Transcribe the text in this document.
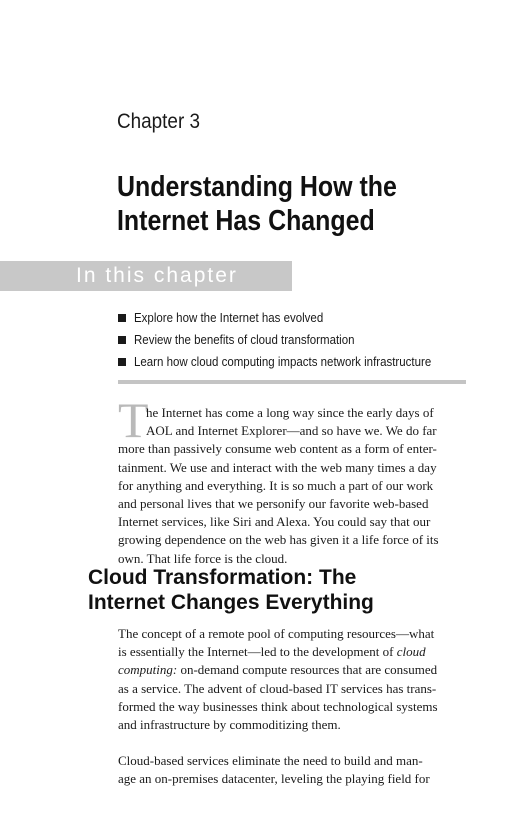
Chapter 3
Understanding How the
Internet Has Changed
In this chapter
Explore how the Internet has evolved
Review the benefits of cloud transformation
Learn how cloud computing impacts network infrastructure
T
he Internet has come a long way since the early days of
AOL and Internet Explorer—and so have we. We do far
more than passively consume web content as a form of enter-
tainment. We use and interact with the web many times a day
for anything and everything. It is so much a part of our work
and personal lives that we personify our favorite web-based
Internet services, like Siri and Alexa. You could say that our
growing dependence on the web has given it a life force of its
own. That life force is the cloud.
Cloud Transformation: The
Internet Changes Everything

The concept of a remote pool of computing resources—what
is essentially the Internet—led to the development of cloud
computing: on-demand compute resources that are consumed
as a service. The advent of cloud-based IT services has trans-
formed the way businesses think about technological systems
and infrastructure by commoditizing them.

Cloud-based services eliminate the need to build and man-
age an on-premises datacenter, leveling the playing field for
